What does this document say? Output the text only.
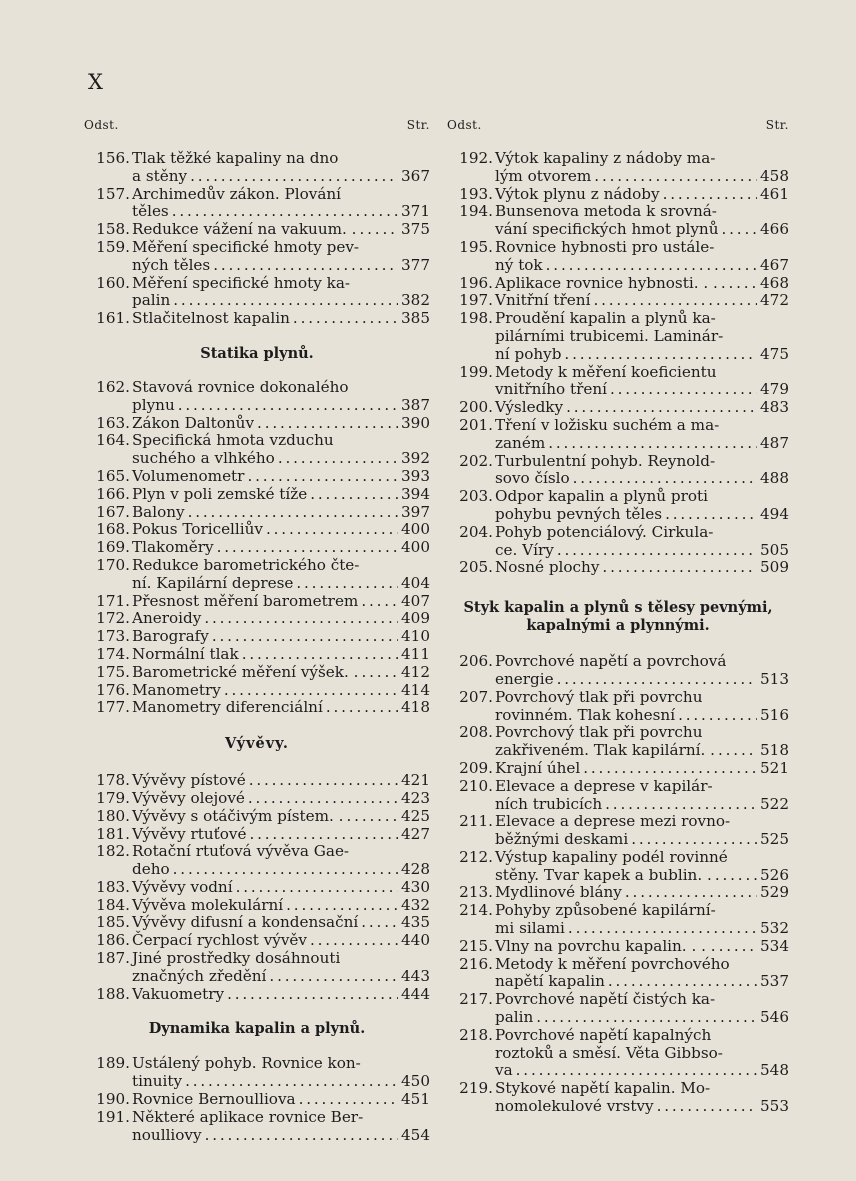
X
Odst.	Str.
156. Tlak těžké kapaliny na dno
a stěny . . .	367
157. Archimedův zákon. Plování
těles . . .	371
158. Redukce vážení na vakuum. . . . .	375
159. Měření specifické hmoty pev-
ných těles . . .	377
160. Měření specifické hmoty ka-
palin . . .	382
161. Stlačitelnost kapalin . . .	385
Statika plynů.
162. Stavová rovnice dokonalého
plynu . . .	387
163. Zákon Daltonův . . .	390
164. Specifická hmota vzduchu
suchého a vlhkého . . .	392
165. Volumenometr . . .	393
166. Plyn v poli zemské tíže . . .	394
167. Balony . . .	397
168. Pokus Toricelliův . . .	400
169. Tlakoměry . . .	400
170. Redukce barometrického čte-
ní. Kapilární deprese . . .	404
171. Přesnost měření barometrem . . .	407
172. Aneroidy . . .	409
173. Barografy . . .	410
174. Normální tlak . . .	411
175. Barometrické měření výšek. . . . .	412
176. Manometry . . .	414
177. Manometry diferenciální . . .	418
Vývěvy.
178. Vývěvy pístové . . .	421
179. Vývěvy olejové . . .	423
180. Vývěvy s otáčivým pístem. . . . .	425
181. Vývěvy rtuťové . . .	427
182. Rotační rtuťová vývěva Gae-
deho . . .	428
183. Vývěvy vodní . . .	430
184. Vývěva molekulární . . .	432
185. Vývěvy difusní a kondensační . . .	435
186. Čerpací rychlost vývěv . . .	440
187. Jiné prostředky dosáhnouti
značných zředění . . .	443
188. Vakuometry . . .	444
Dynamika kapalin a plynů.
189. Ustálený pohyb. Rovnice kon-
tinuity . . .	450
190. Rovnice Bernoulliova . . .	451
191. Některé aplikace rovnice Ber-
noulliovy . . .	454
Odst.	Str.
192. Výtok kapaliny z nádoby ma-
lým otvorem . . .	458
193. Výtok plynu z nádoby . . .	461
194. Bunsenova metoda k srovná-
vání specifických hmot plynů . . .	466
195. Rovnice hybnosti pro ustále-
ný tok . . .	467
196. Aplikace rovnice hybnosti. . . . . .	468
197. Vnitřní tření . . .	472
198. Proudění kapalin a plynů ka-
pilárními trubicemi. Laminár-
ní pohyb . . .	475
199. Metody k měření koeficientu
vnitřního tření . . .	479
200. Výsledky . . .	483
201. Tření v ložisku suchém a ma-
zaném . . .	487
202. Turbulentní pohyb. Reynold-
sovo číslo . . .	488
203. Odpor kapalin a plynů proti
pohybu pevných těles . . .	494
204. Pohyb potenciálový. Cirkula-
ce. Víry . . .	505
205. Nosné plochy . . .	509
Styk kapalin a plynů s tělesy pevnými,
kapalnými a plynnými.
206. Povrchové napětí a povrchová
energie . . .	513
207. Povrchový tlak při povrchu
rovinném. Tlak kohesní . . .	516
208. Povrchový tlak při povrchu
zakřiveném. Tlak kapilární. . . . .	518
209. Krajní úhel . . .	521
210. Elevace a deprese v kapilár-
ních trubicích . . .	522
211. Elevace a deprese mezi rovno-
běžnými deskami . . .	525
212. Výstup kapaliny podél rovinné
stěny. Tvar kapek a bublin. . . . .	526
213. Mydlinové blány . . .	529
214. Pohyby způsobené kapilární-
mi silami . . .	532
215. Vlny na povrchu kapalin. . . . . . .	534
216. Metody k měření povrchového
napětí kapalin . . .	537
217. Povrchové napětí čistých ka-
palin . . .	546
218. Povrchové napětí kapalných
roztoků a směsí. Věta Gibbso-
va . . .	548
219. Stykové napětí kapalin. Mo-
nomolekulové vrstvy . . .	553
